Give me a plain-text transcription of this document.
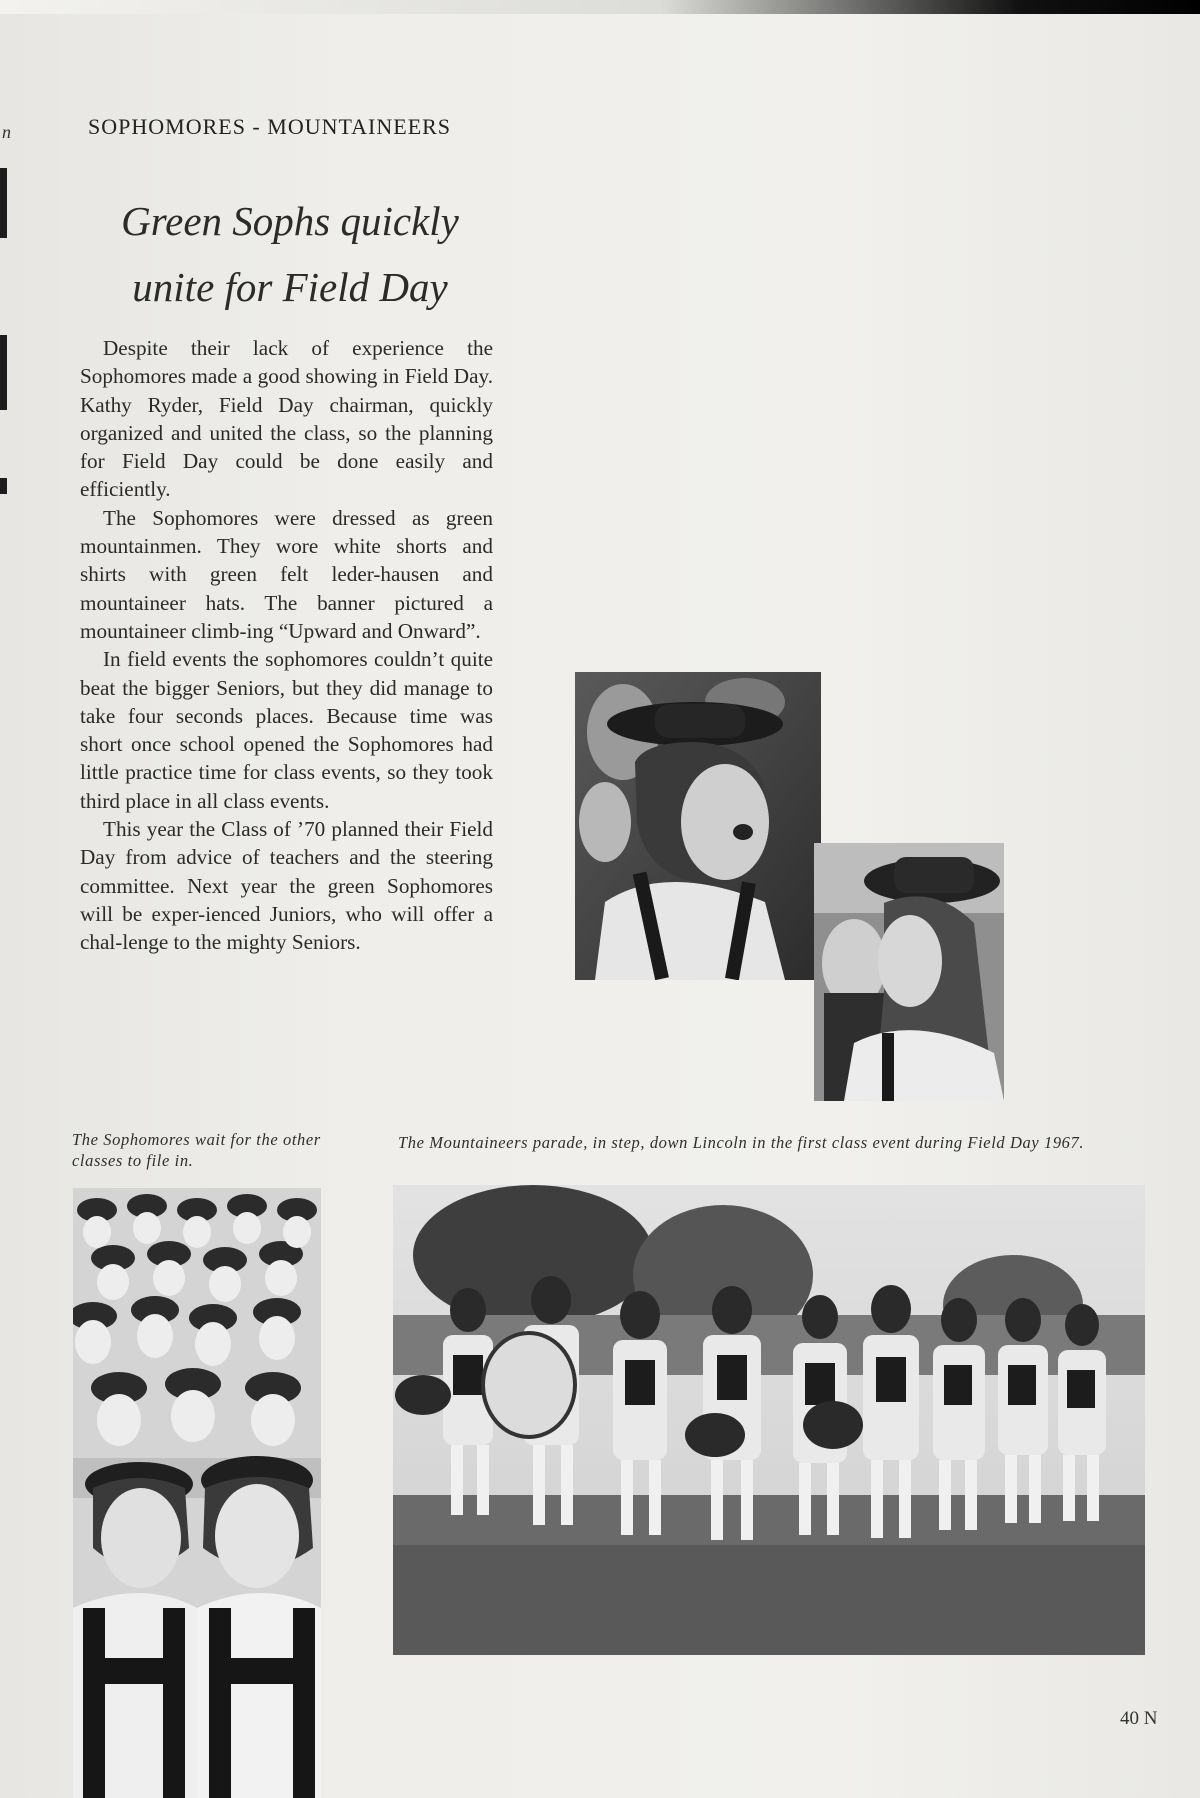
n	SOPHOMORES - MOUNTAINEERS
Green Sophs quickly
unite for Field Day

Despite their lack of experience the Sophomores made a good showing in Field Day. Kathy Ryder, Field Day chairman, quickly organized and united the class, so the planning for Field Day could be done easily and efficiently.

The Sophomores were dressed as green mountainmen. They wore white shorts and shirts with green felt leder-hausen and mountaineer hats. The banner pictured a mountaineer climb-ing “Upward and Onward”.

In field events the sophomores couldn’t quite beat the bigger Seniors, but they did manage to take four seconds places. Because time was short once school opened the Sophomores had little practice time for class events, so they took third place in all class events.

This year the Class of ’70 planned their Field Day from advice of teachers and the steering committee. Next year the green Sophomores will be exper-ienced Juniors, who will offer a chal-lenge to the mighty Seniors.

The Sophomores wait for the other classes to file in.
The Mountaineers parade, in step, down Lincoln in the first class event during Field Day 1967.
40 N
